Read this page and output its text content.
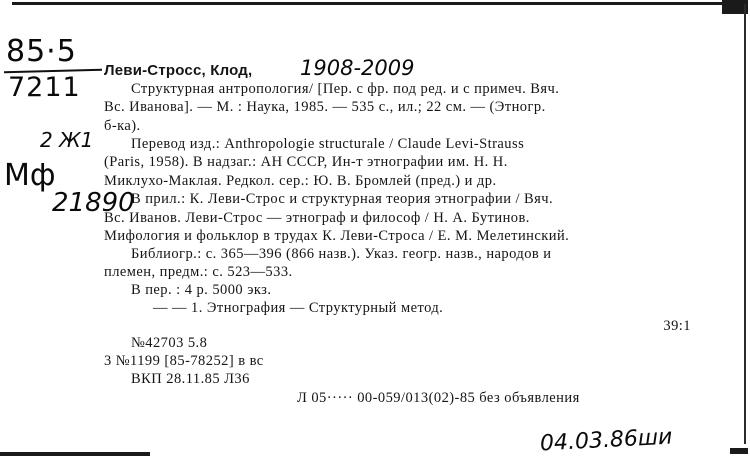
85·5
7211
2 Ж1
Мф
21890
1908-2009
Леви-Стросс, Клод,
Структурная антропология/ [Пер. с фр. под ред. и с примеч. Вяч.
Вс. Иванова]. — М. : Наука, 1985. — 535 с., ил.; 22 см. — (Этногр.
б-ка).
Перевод изд.: Anthropologie structurale / Claude Levi-Strauss
(Paris, 1958). В надзаг.: АН СССР, Ин-т этнографии им. Н. Н.
Миклухо-Маклая. Редкол. сер.: Ю. В. Бромлей (пред.) и др.
В прил.: К. Леви-Строс и структурная теория этнографии / Вяч.
Вс. Иванов. Леви-Строс — этнограф и философ / Н. А. Бутинов.
Мифология и фольклор в трудах К. Леви-Строса / Е. М. Мелетинский.
Библиогр.: с. 365—396 (866 назв.). Указ. геогр. назв., народов и
племен, предм.: с. 523—533.
В пер. : 4 р. 5000 экз.
— — 1. Этнография — Структурный метод.
39:1
№42703 5.8
3 №1199 [85-78252] в вс
ВКП 28.11.85 Л36
Л 05····· 00-059/013(02)-85 без объявления
04.03.86ши
